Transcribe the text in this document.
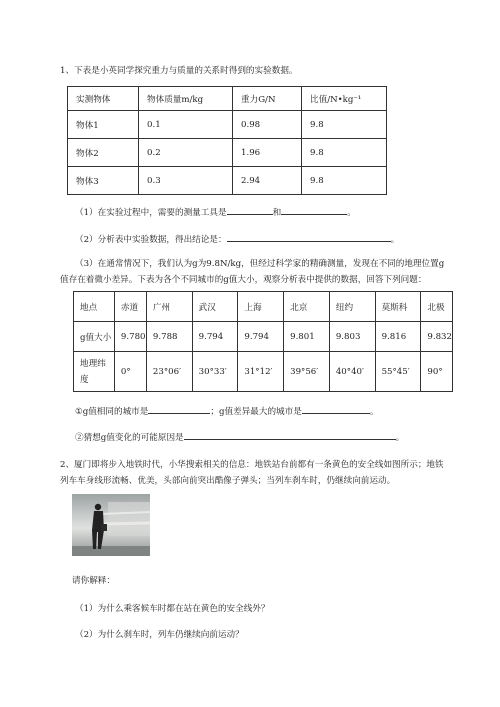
1、下表是小英同学探究重力与质量的关系时得到的实验数据。
实测物体	物体质量m/kg	重力G/N	比值/N•kg⁻¹
物体1	0.1	0.98	9.8
物体2	0.2	1.96	9.8
物体3	0.3	2.94	9.8
（1）在实验过程中，需要的测量工具是	和	。
（2）分析表中实验数据，得出结论是：	。
（3）在通常情况下，我们认为g为9.8N/kg，但经过科学家的精确测量，发现在不同的地理位置g
值存在着微小差异。下表为各个不同城市的g值大小，观察分析表中提供的数据，回答下列问题：
地点	赤道	广州	武汉	上海	北京	纽约	莫斯科	北极
g值大小	9.780	9.788	9.794	9.794	9.801	9.803	9.816	9.832
地理纬度	0°	23°06′	30°33′	31°12′	39°56′	40°40′	55°45′	90°
①g值相同的城市是	；g值差异最大的城市是	。
②猜想g值变化的可能原因是	。
2、厦门即将步入地铁时代，小华搜索相关的信息：地铁站台前都有一条黄色的安全线如图所示；地铁
列车车身线形流畅、优美，头部向前突出酷像子弹头；当列车刹车时，仍继续向前运动。
请你解释：
（1）为什么乘客候车时都在站在黄色的安全线外？
（2）为什么刹车时，列车仍继续向前运动？
